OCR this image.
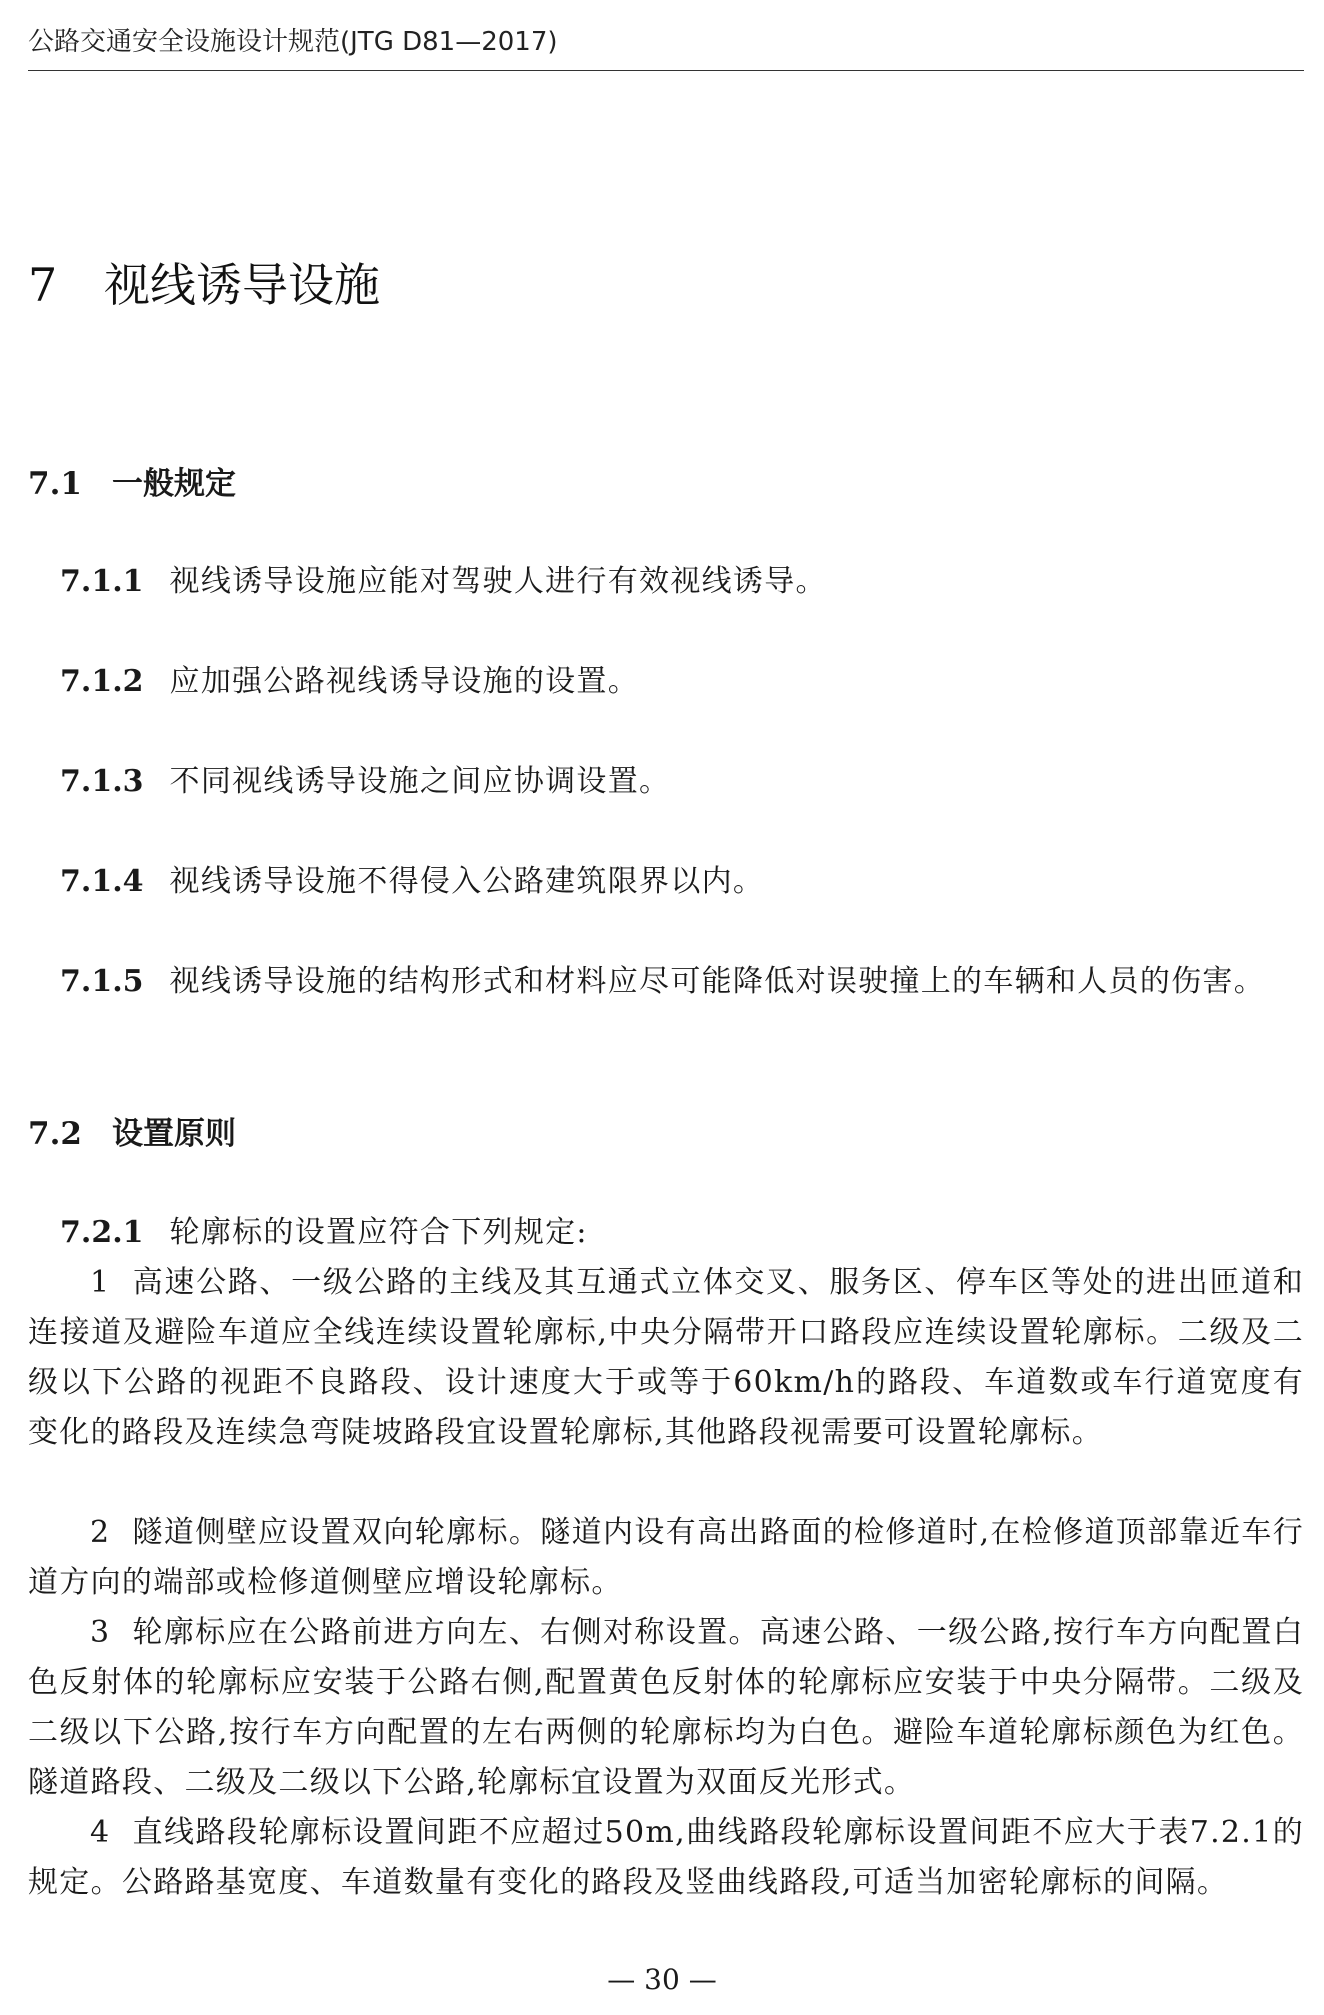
公路交通安全设施设计规范(JTG D81—2017)
7 视线诱导设施
7.1 一般规定
7.1.1 视线诱导设施应能对驾驶人进行有效视线诱导。
7.1.2 应加强公路视线诱导设施的设置。
7.1.3 不同视线诱导设施之间应协调设置。
7.1.4 视线诱导设施不得侵入公路建筑限界以内。
7.1.5 视线诱导设施的结构形式和材料应尽可能降低对误驶撞上的车辆和人员的伤害。
7.2 设置原则
7.2.1 轮廓标的设置应符合下列规定:
1 高速公路、一级公路的主线及其互通式立体交叉、服务区、停车区等处的进出匝道和连接道及避险车道应全线连续设置轮廓标,中央分隔带开口路段应连续设置轮廓标。二级及二级以下公路的视距不良路段、设计速度大于或等于60km/h的路段、车道数或车行道宽度有变化的路段及连续急弯陡坡路段宜设置轮廓标,其他路段视需要可设置轮廓标。
2 隧道侧壁应设置双向轮廓标。隧道内设有高出路面的检修道时,在检修道顶部靠近车行道方向的端部或检修道侧壁应增设轮廓标。
3 轮廓标应在公路前进方向左、右侧对称设置。高速公路、一级公路,按行车方向配置白色反射体的轮廓标应安装于公路右侧,配置黄色反射体的轮廓标应安装于中央分隔带。二级及二级以下公路,按行车方向配置的左右两侧的轮廓标均为白色。避险车道轮廓标颜色为红色。隧道路段、二级及二级以下公路,轮廓标宜设置为双面反光形式。
4 直线路段轮廓标设置间距不应超过50m,曲线路段轮廓标设置间距不应大于表7.2.1的规定。公路路基宽度、车道数量有变化的路段及竖曲线路段,可适当加密轮廓标的间隔。
— 30 —
